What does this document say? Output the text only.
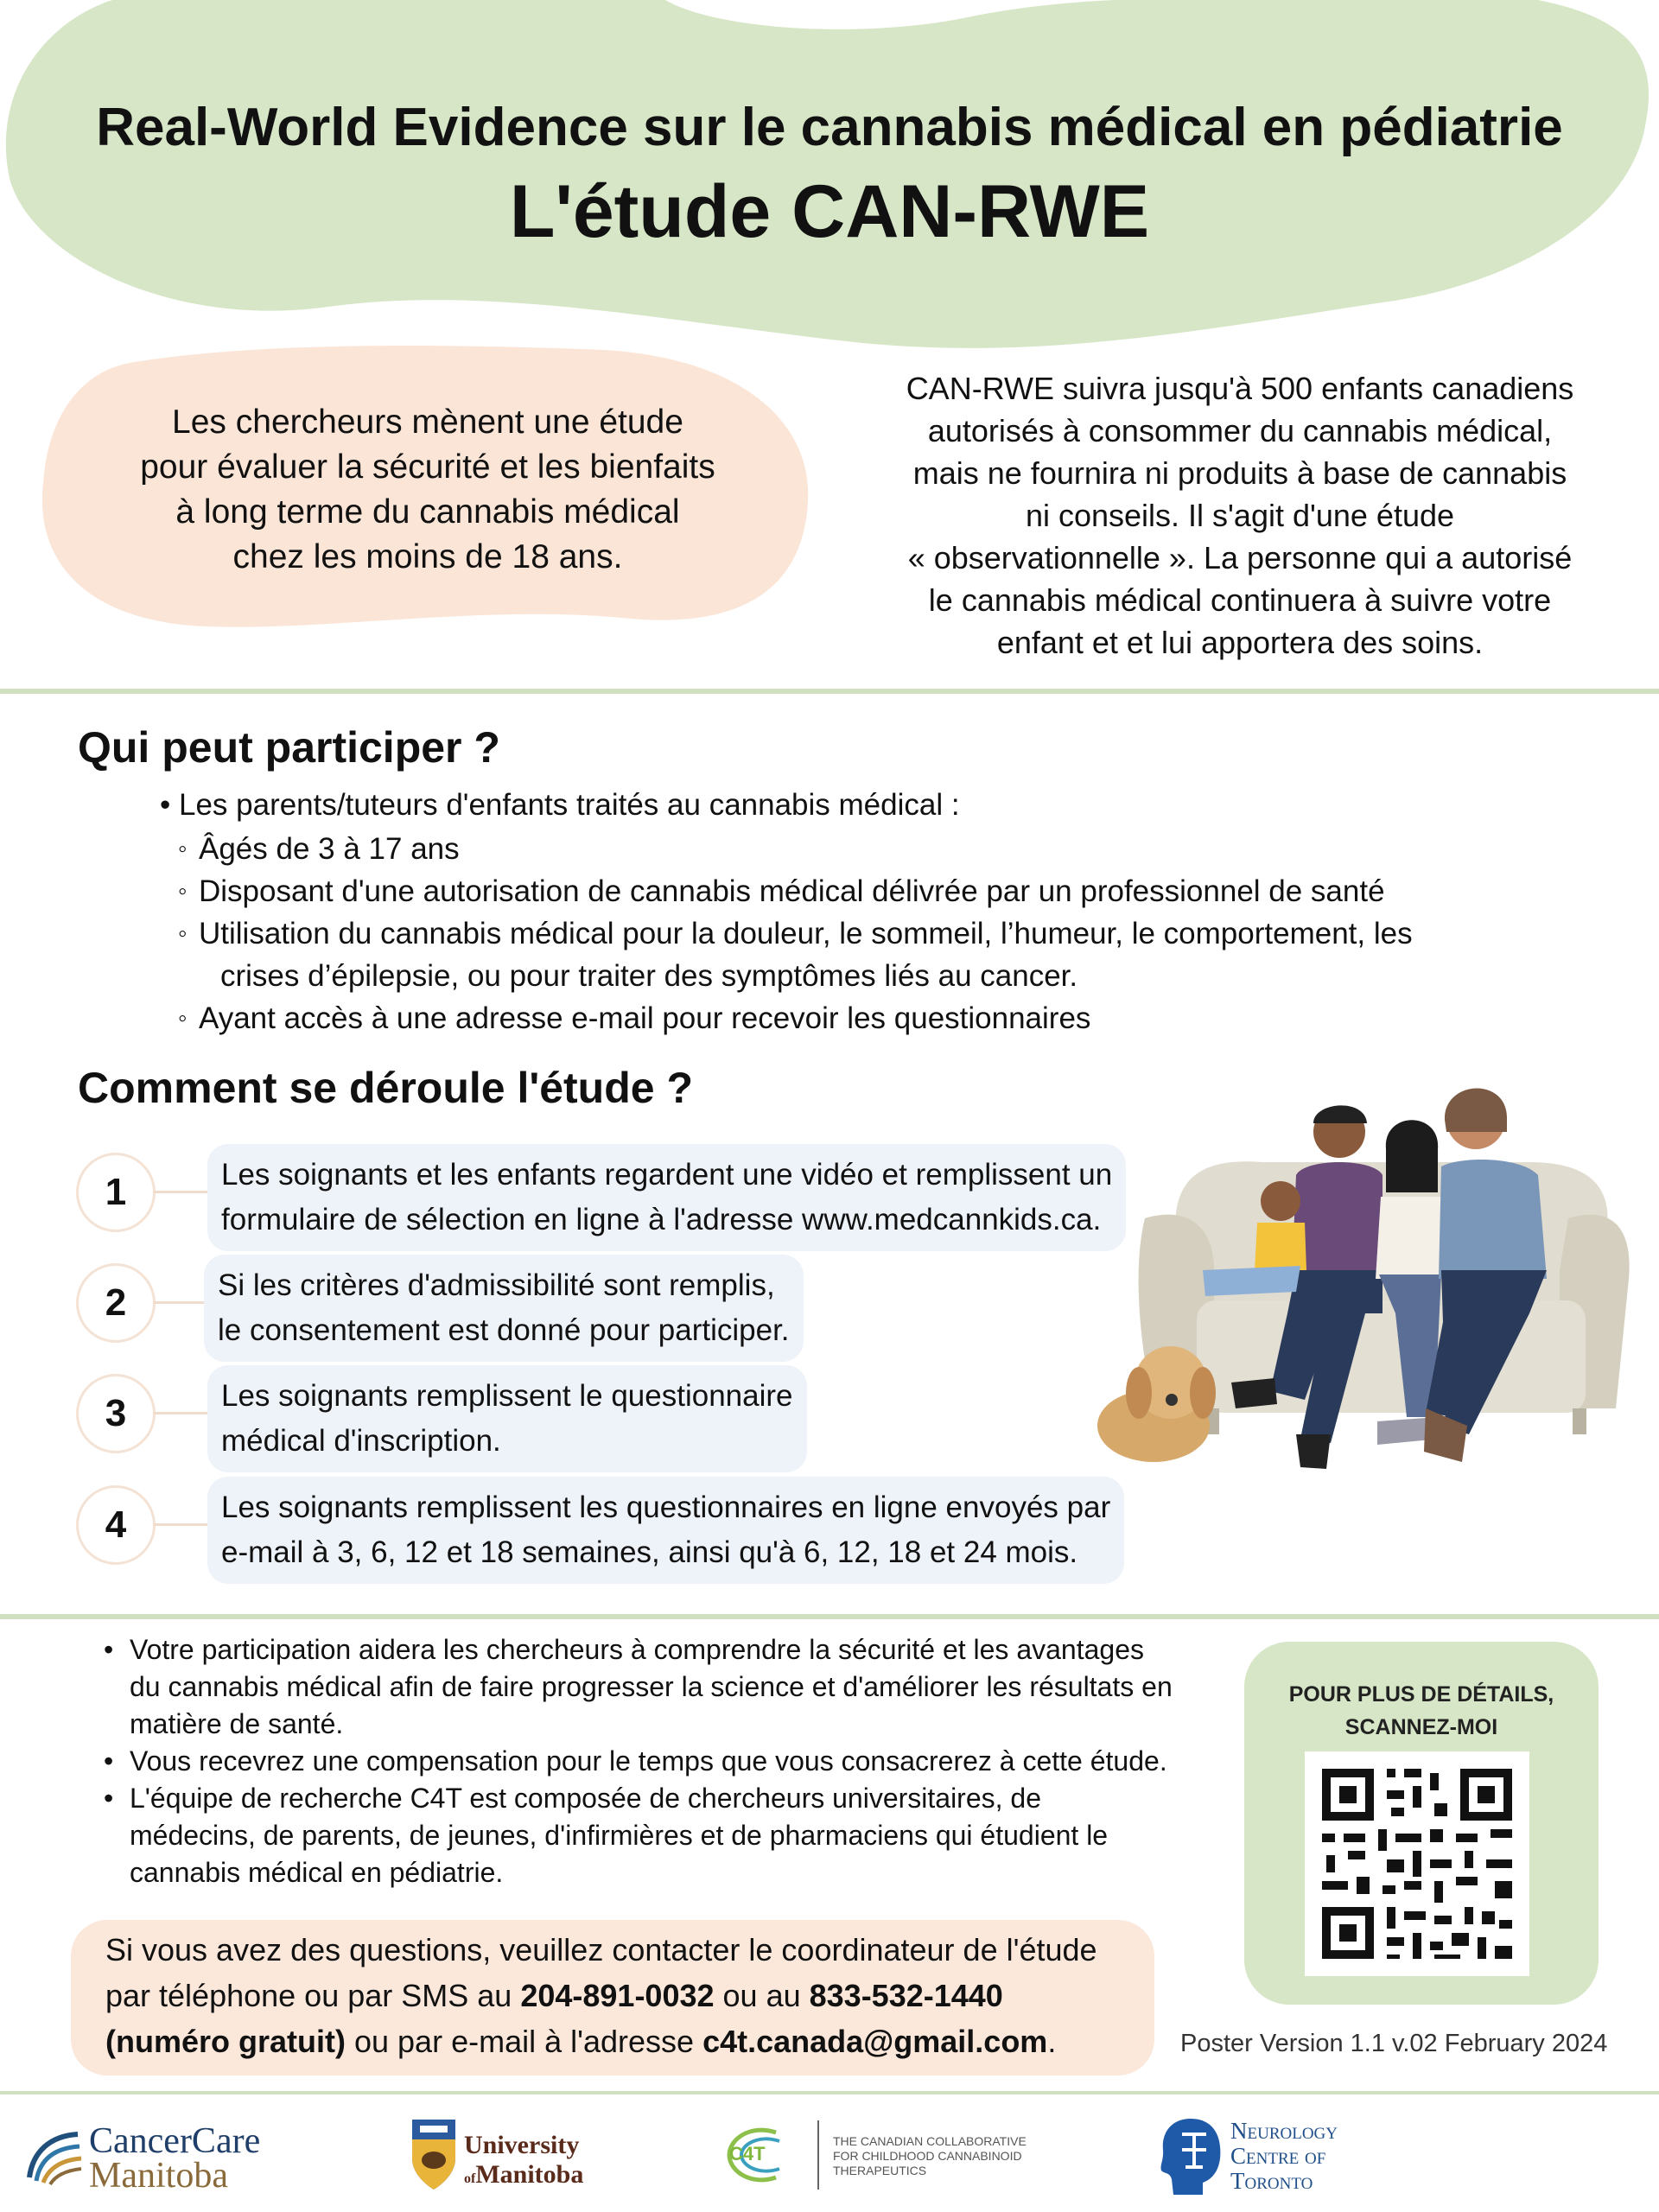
Real-World Evidence sur le cannabis médical en pédiatrie
L'étude CAN-RWE
Les chercheurs mènent une étude
pour évaluer la sécurité et les bienfaits
à long terme du cannabis médical
chez les moins de 18 ans.
CAN-RWE suivra jusqu'à 500 enfants canadiens
autorisés à consommer du cannabis médical,
mais ne fournira ni produits à base de cannabis
ni conseils. Il s'agit d'une étude
« observationnelle ». La personne qui a autorisé
le cannabis médical continuera à suivre votre
enfant et et lui apportera des soins.
Qui peut participer ?
• Les parents/tuteurs d'enfants traités au cannabis médical :
◦ Âgés de 3 à 17 ans
◦ Disposant d'une autorisation de cannabis médical délivrée par un professionnel de santé
◦ Utilisation du cannabis médical pour la douleur, le sommeil, l’humeur, le comportement, les
crises d’épilepsie, ou pour traiter des symptômes liés au cancer.
◦ Ayant accès à une adresse e-mail pour recevoir les questionnaires
Comment se déroule l'étude ?
1	Les soignants et les enfants regardent une vidéo et remplissent un
formulaire de sélection en ligne à l'adresse www.medcannkids.ca.
2	Si les critères d'admissibilité sont remplis,
le consentement est donné pour participer.
3	Les soignants remplissent le questionnaire
médical d'inscription.
4	Les soignants remplissent les questionnaires en ligne envoyés par
e-mail à 3, 6, 12 et 18 semaines, ainsi qu'à 6, 12, 18 et 24 mois.
• Votre participation aidera les chercheurs à comprendre la sécurité et les avantages
du cannabis médical afin de faire progresser la science et d'améliorer les résultats en
matière de santé.
• Vous recevrez une compensation pour le temps que vous consacrerez à cette étude.
• L'équipe de recherche C4T est composée de chercheurs universitaires, de
médecins, de parents, de jeunes, d'infirmières et de pharmaciens qui étudient le
cannabis médical en pédiatrie.
Si vous avez des questions, veuillez contacter le coordinateur de l'étude
par téléphone ou par SMS au 204-891-0032 ou au 833-532-1440
(numéro gratuit) ou par e-mail à l'adresse c4t.canada@gmail.com.
POUR PLUS DE DÉTAILS,
SCANNEZ-MOI
Poster Version 1.1 v.02 February 2024
CancerCare
Manitoba
University
ofManitoba
C4T
THE CANADIAN COLLABORATIVE
FOR CHILDHOOD CANNABINOID
THERAPEUTICS
Neurology
Centre of
Toronto
